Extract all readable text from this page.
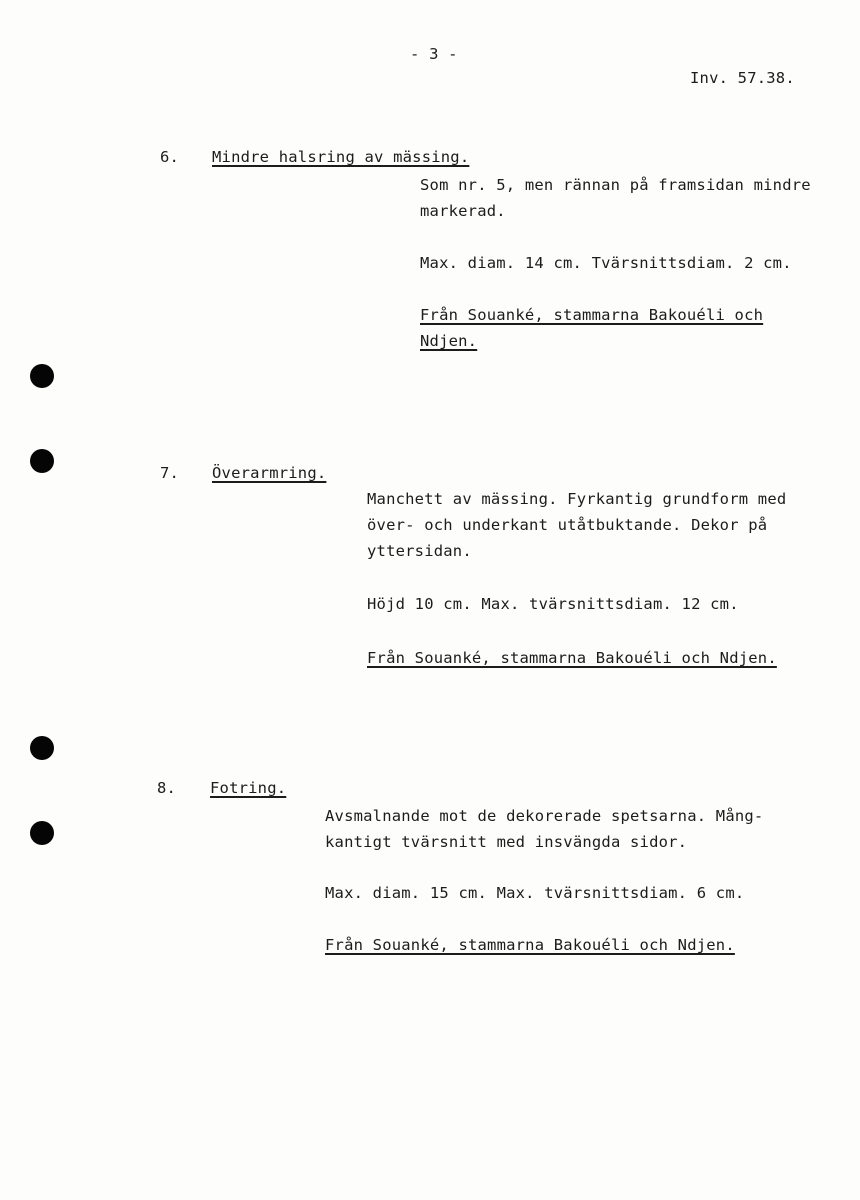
- 3 -
Inv. 57.38.
6. Mindre halsring av mässing.
Som nr. 5, men rännan på framsidan mindre
markerad.
Max. diam. 14 cm. Tvärsnittsdiam. 2 cm.
Från Souanké, stammarna Bakouéli och
Ndjen.
7. Överarmring.
Manchett av mässing. Fyrkantig grundform med
över- och underkant utåtbuktande. Dekor på
yttersidan.
Höjd 10 cm. Max. tvärsnittsdiam. 12 cm.
Från Souanké, stammarna Bakouéli och Ndjen.
8. Fotring.
Avsmalnande mot de dekorerade spetsarna. Mång-
kantigt tvärsnitt med insvängda sidor.
Max. diam. 15 cm. Max. tvärsnittsdiam. 6 cm.
Från Souanké, stammarna Bakouéli och Ndjen.
